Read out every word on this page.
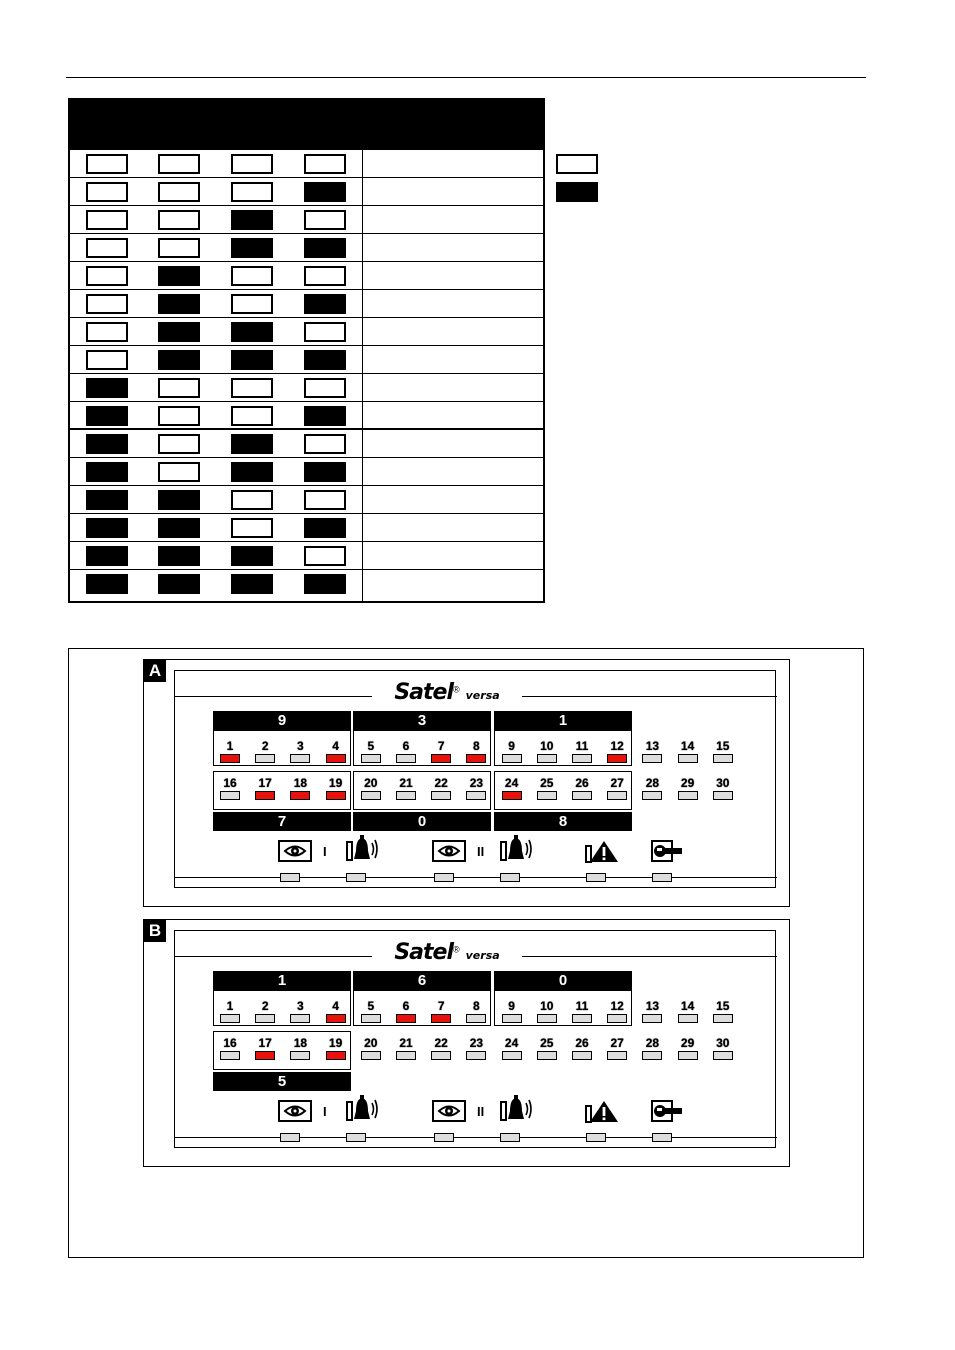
A
Satel® versa
9	3	1
7	0	8
1	2	3	4	5	6	7	8	9	10	11	12	13	14	15
16	17	18	19	20	21	22	23	24	25	26	27	28	29	30
I	II
B
Satel® versa
1	6	0
5
1	2	3	4	5	6	7	8	9	10	11	12	13	14	15
16	17	18	19	20	21	22	23	24	25	26	27	28	29	30
I	II
